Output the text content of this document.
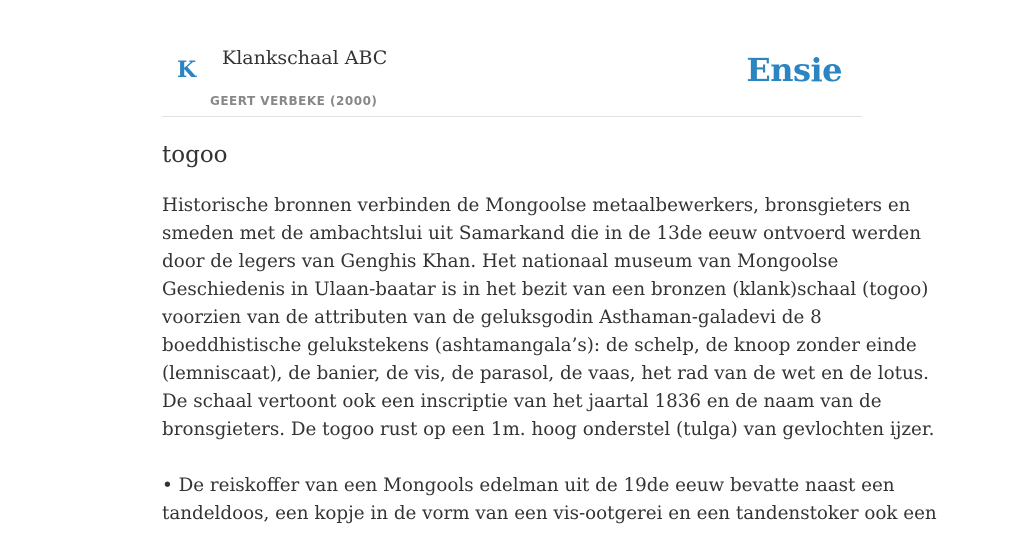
K Klankschaal ABC
GEERT VERBEKE (2000)
Ensie
togoo

Historische bronnen verbinden de Mongoolse metaalbewerkers, bronsgieters en
smeden met de ambachtslui uit Samarkand die in de 13de eeuw ontvoerd werden
door de legers van Genghis Khan. Het nationaal museum van Mongoolse
Geschiedenis in Ulaan-baatar is in het bezit van een bronzen (klank)schaal (togoo)
voorzien van de attributen van de geluksgodin Asthaman-galadevi de 8
boeddhistische gelukstekens (ashtamangala’s): de schelp, de knoop zonder einde
(lemniscaat), de banier, de vis, de parasol, de vaas, het rad van de wet en de lotus.
De schaal vertoont ook een inscriptie van het jaartal 1836 en de naam van de
bronsgieters. De togoo rust op een 1m. hoog onderstel (tulga) van gevlochten ijzer.

• De reiskoffer van een Mongools edelman uit de 19de eeuw bevatte naast een
tandeldoos, een kopje in de vorm van een vis-ootgerei en een tandenstoker ook een
